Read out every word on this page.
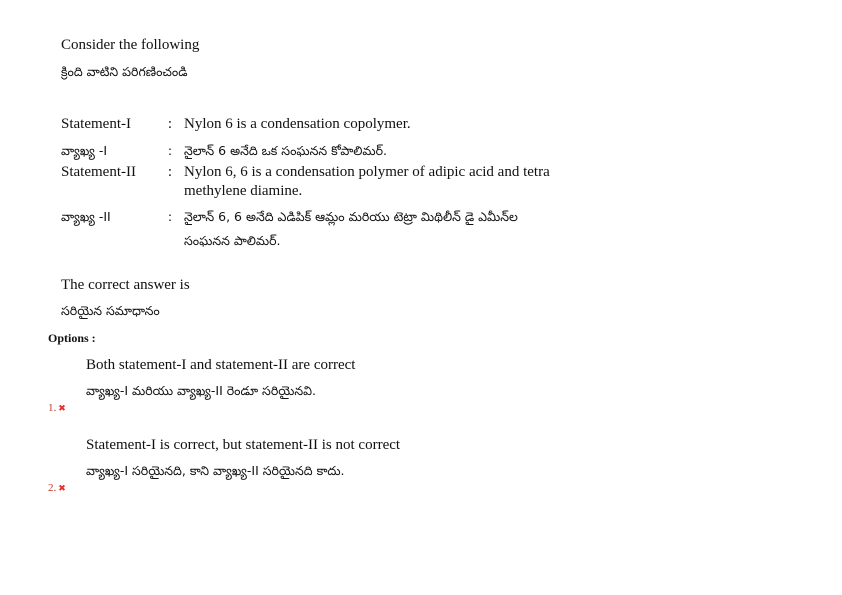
Consider the following
క్రింది వాటిని పరిగణించండి
Statement-I : Nylon 6 is a condensation copolymer.
వ్యాఖ్య -I	: నైలాన్ 6 అనేది ఒక సంఘనన కోపాలిమర్.
Statement-II : Nylon 6, 6 is a condensation polymer of adipic acid and tetra
methylene diamine.
వ్యాఖ్య -II	: నైలాన్ 6, 6 అనేది ఎడిపిక్ ఆమ్లం మరియు టెట్రా మిథిలీన్ డై ఎమీన్‌ల
సంఘనన పాలిమర్.
The correct answer is
సరియైన సమాధానం
Options :
Both statement-I and statement-II are correct
వ్యాఖ్య-I మరియు వ్యాఖ్య-II రెండూ సరియైనవి.
1. ✖
Statement-I is correct, but statement-II is not correct
వ్యాఖ్య-I సరియైనది, కాని వ్యాఖ్య-II సరియైనది కాదు.
2. ✖
